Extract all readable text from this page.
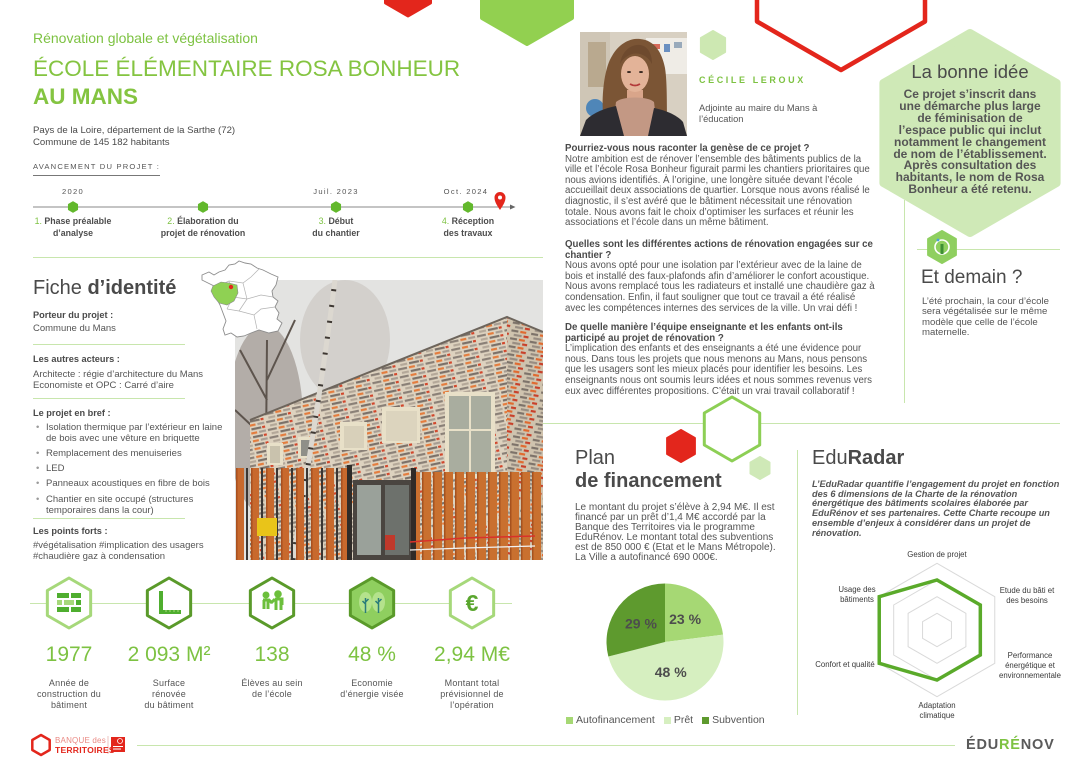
€
Rénovation globale et végétalisation
ÉCOLE ÉLÉMENTAIRE ROSA BONHEUR
AU MANS
Pays de la Loire, département de la Sarthe (72)
Commune de 145 182 habitants
AVANCEMENT DU PROJET :
2020	Juil. 2023	Oct. 2024
1. Phase préalable
d’analyse
2. Élaboration du
projet de rénovation
3. Début
du chantier
4. Réception
des travaux
Fiche d’identité
Porteur du projet :
Commune du Mans
Les autres acteurs :
Architecte : régie d’architecture du Mans
Economiste et OPC : Carré d’aire
Le projet en bref :
• Isolation thermique par l’extérieur en laine de bois avec une vêture en briquette
• Remplacement des menuiseries
• LED
• Panneaux acoustiques en fibre de bois
• Chantier en site occupé (structures temporaires dans la cour)
Les points forts :
#végétalisation #implication des usagers
#chaudière gaz à condensation
1977
Année de
construction du
bâtiment
2 093 M²
Surface
rénovée
du bâtiment
138
Élèves au sein
de l’école
48 %
Economie
d’énergie visée
2,94 M€
Montant total
prévisionnel de
l’opération
CÉCILE LEROUX
Adjointe au maire du Mans à
l’éducation
Pourriez-vous nous raconter la genèse de ce projet ?
Notre ambition est de rénover l’ensemble des bâtiments publics de la ville et l’école Rosa Bonheur figurait parmi les chantiers prioritaires que nous avions identifiés. À l’origine, une longère située devant l’école accueillait deux associations de quartier. Lorsque nous avons réalisé le diagnostic, il s’est avéré que le bâtiment nécessitait une rénovation totale. Nous avons fait le choix d’optimiser les surfaces et réunir les associations et l’école dans un même bâtiment.
Quelles sont les différentes actions de rénovation engagées sur ce chantier ?
Nous avons opté pour une isolation par l’extérieur avec de la laine de bois et installé des faux-plafonds afin d’améliorer le confort acoustique. Nous avons remplacé tous les radiateurs et installé une chaudière gaz à condensation. Enfin, il faut souligner que tout ce travail a été réalisé avec les compétences internes des services de la ville. Un vrai défi !
De quelle manière l’équipe enseignante et les enfants ont-ils participé au projet de rénovation ?
L’implication des enfants et des enseignants a été une évidence pour nous. Dans tous les projets que nous menons au Mans, nous pensons que les usagers sont les mieux placés pour identifier les besoins. Les enseignants nous ont soumis leurs idées et nous sommes revenus vers eux avec différentes propositions. C’était un vrai travail collaboratif !
La bonne idée
Ce projet s’inscrit dans
une démarche plus large
de féminisation de
l’espace public qui inclut
notamment le changement
de nom de l’établissement.
Après consultation des
habitants, le nom de Rosa
Bonheur a été retenu.
Et demain ?
L’été prochain, la cour d’école sera végétalisée sur le même modèle que celle de l’école maternelle.
Plan
de financement
Le montant du projet s’élève à 2,94 M€. Il est financé par un prêt d’1,4 M€ accordé par la Banque des Territoires via le programme EduRénov. Le montant total des subventions est de 850 000 € (Etat et le Mans Métropole). La Ville a autofinancé 690 000€.
23 %
48 %
29 %
Autofinancement Prêt Subvention
EduRadar
L’EduRadar quantifie l’engagement du projet en fonction des 6 dimensions de la Charte de la rénovation énergétique des bâtiments scolaires élaborée par EduRénov et ses partenaires. Cette Charte recoupe un ensemble d’enjeux à considérer dans un projet de rénovation.
Gestion de projet
Etude du bâti et
des besoins
Performance
énergétique et
environnementale
Adaptation
climatique
Confort et qualité
Usage des
bâtiments
BANQUE des
TERRITOIRES	ÉDURÉNOV
